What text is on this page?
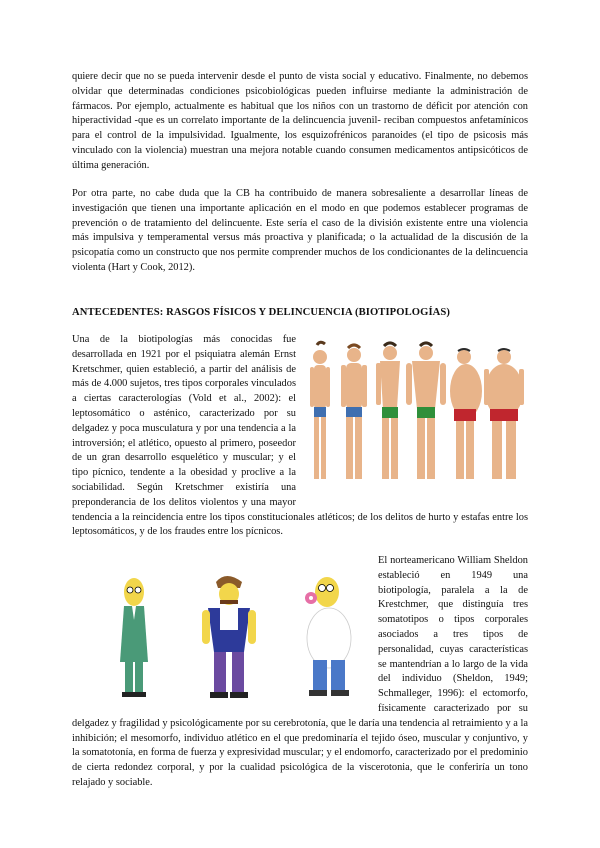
quiere decir que no se pueda intervenir desde el punto de vista social y educativo. Finalmente, no debemos olvidar que determinadas condiciones psicobiológicas pueden influirse mediante la administración de fármacos. Por ejemplo, actualmente es habitual que los niños con un trastorno de déficit por atención con hiperactividad -que es un correlato importante de la delincuencia juvenil- reciban compuestos anfetamínicos para el control de la impulsividad. Igualmente, los esquizofrénicos paranoides (el tipo de psicosis más vinculado con la violencia) muestran una mejora notable cuando consumen medicamentos antipsicóticos de última generación.

Por otra parte, no cabe duda que la CB ha contribuido de manera sobresaliente a desarrollar líneas de investigación que tienen una importante aplicación en el modo en que podemos establecer programas de prevención o de tratamiento del delincuente. Este sería el caso de la división existente entre una violencia más impulsiva y temperamental versus más proactiva y planificada; o la actualidad de la discusión de la psicopatía como un constructo que nos permite comprender muchos de los condicionantes de la delincuencia violenta (Hart y Cook, 2012).

ANTECEDENTES: RASGOS FÍSICOS Y DELINCUENCIA (BIOTIPOLOGÍAS)

Una de la biotipologías más conocidas fue desarrollada en 1921 por el psiquiatra alemán Ernst Kretschmer, quien estableció, a partir del análisis de más de 4.000 sujetos, tres tipos corporales vinculados a ciertas caracterologías (Vold et al., 2002): el leptosomático o asténico, caracterizado por su delgadez y poca musculatura y por una tendencia a la introversión; el atlético, opuesto al primero, poseedor de un gran desarrollo esquelético y muscular; y el tipo pícnico, tendente a la obesidad y proclive a la sociabilidad. Según Kretschmer existiría una preponderancia de los delitos violentos y una mayor tendencia a la reincidencia entre los tipos constitucionales atléticos; de los delitos de hurto y estafas entre los leptosomáticos, y de los fraudes entre los pícnicos.

El norteamericano William Sheldon estableció en 1949 una biotipología, paralela a la de Krestchmer, que distinguía tres somatotipos o tipos corporales asociados a tres tipos de personalidad, cuyas características se mantendrían a lo largo de la vida del individuo (Sheldon, 1949; Schmalleger, 1996): el ectomorfo, físicamente caracterizado por su delgadez y fragilidad y psicológicamente por su cerebrotonía, que le daría una tendencia al retraimiento y a la inhibición; el mesomorfo, individuo atlético en el que predominaría el tejido óseo, muscular y conjuntivo, y la somatotonía, en forma de fuerza y expresividad muscular; y el endomorfo, caracterizado por el predominio de cierta redondez corporal, y por la cualidad psicológica de la viscerotonia, que le conferiría un tono relajado y sociable.
